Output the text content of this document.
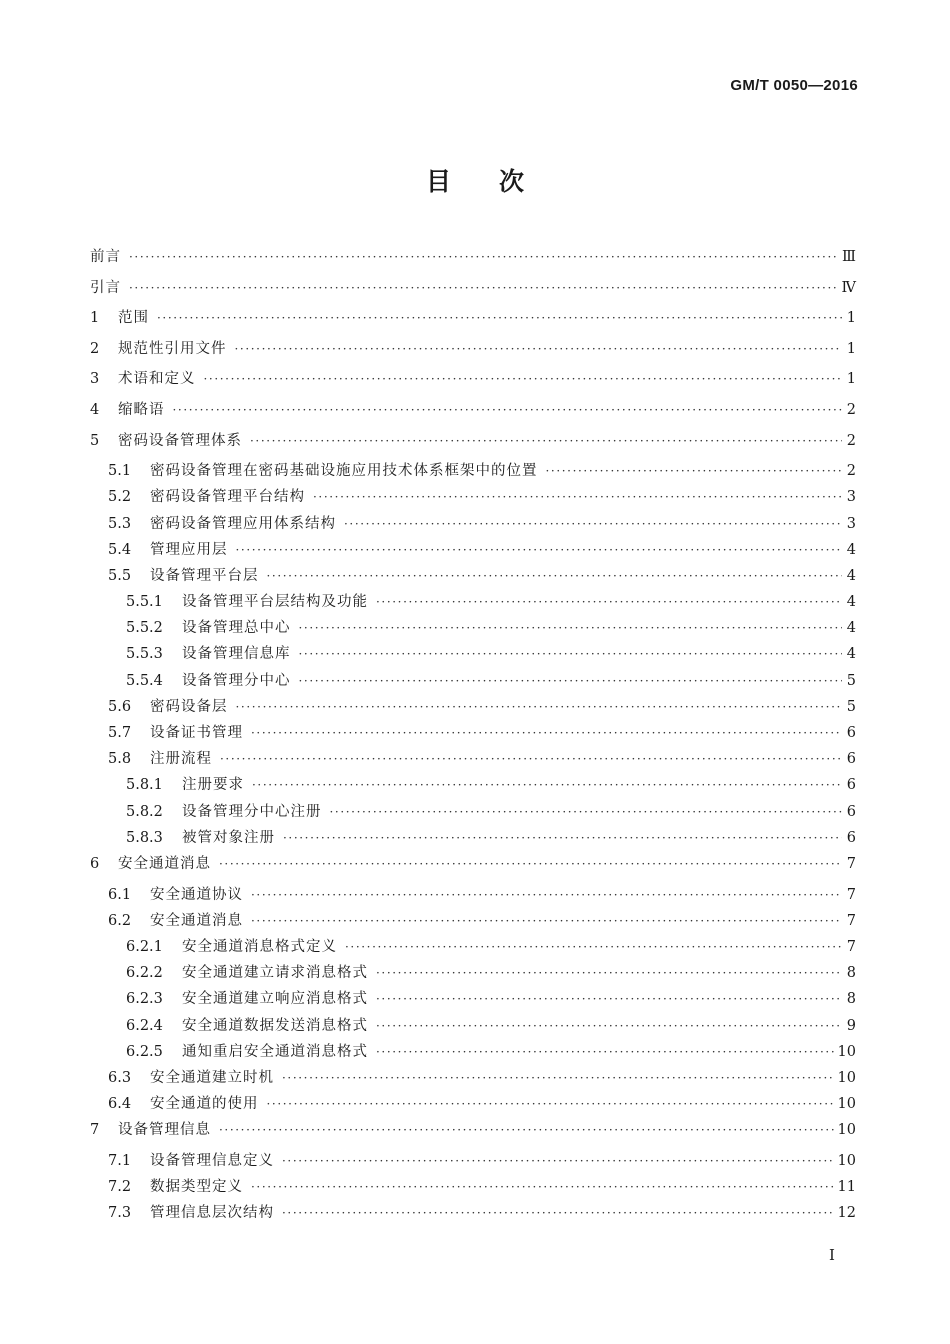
GM/T 0050—2016
目 次
前言 ·····	Ⅲ
引言 ·····	Ⅳ
1	范围 ·····	1
2	规范性引用文件 ·····	1
3	术语和定义 ·····	1
4	缩略语 ·····	2
5	密码设备管理体系 ·····	2
5.1	密码设备管理在密码基础设施应用技术体系框架中的位置 ·····	2
5.2	密码设备管理平台结构 ·····	3
5.3	密码设备管理应用体系结构 ·····	3
5.4	管理应用层 ·····	4
5.5	设备管理平台层 ·····	4
5.5.1	设备管理平台层结构及功能 ·····	4
5.5.2	设备管理总中心 ·····	4
5.5.3	设备管理信息库 ·····	4
5.5.4	设备管理分中心 ·····	5
5.6	密码设备层 ·····	5
5.7	设备证书管理 ·····	6
5.8	注册流程 ·····	6
5.8.1	注册要求 ·····	6
5.8.2	设备管理分中心注册 ·····	6
5.8.3	被管对象注册 ·····	6
6	安全通道消息 ·····	7
6.1	安全通道协议 ·····	7
6.2	安全通道消息 ·····	7
6.2.1	安全通道消息格式定义 ·····	7
6.2.2	安全通道建立请求消息格式 ·····	8
6.2.3	安全通道建立响应消息格式 ·····	8
6.2.4	安全通道数据发送消息格式 ·····	9
6.2.5	通知重启安全通道消息格式 ·····	10
6.3	安全通道建立时机 ·····	10
6.4	安全通道的使用 ·····	10
7	设备管理信息 ·····	10
7.1	设备管理信息定义 ·····	10
7.2	数据类型定义 ·····	11
7.3	管理信息层次结构 ·····	12
I
